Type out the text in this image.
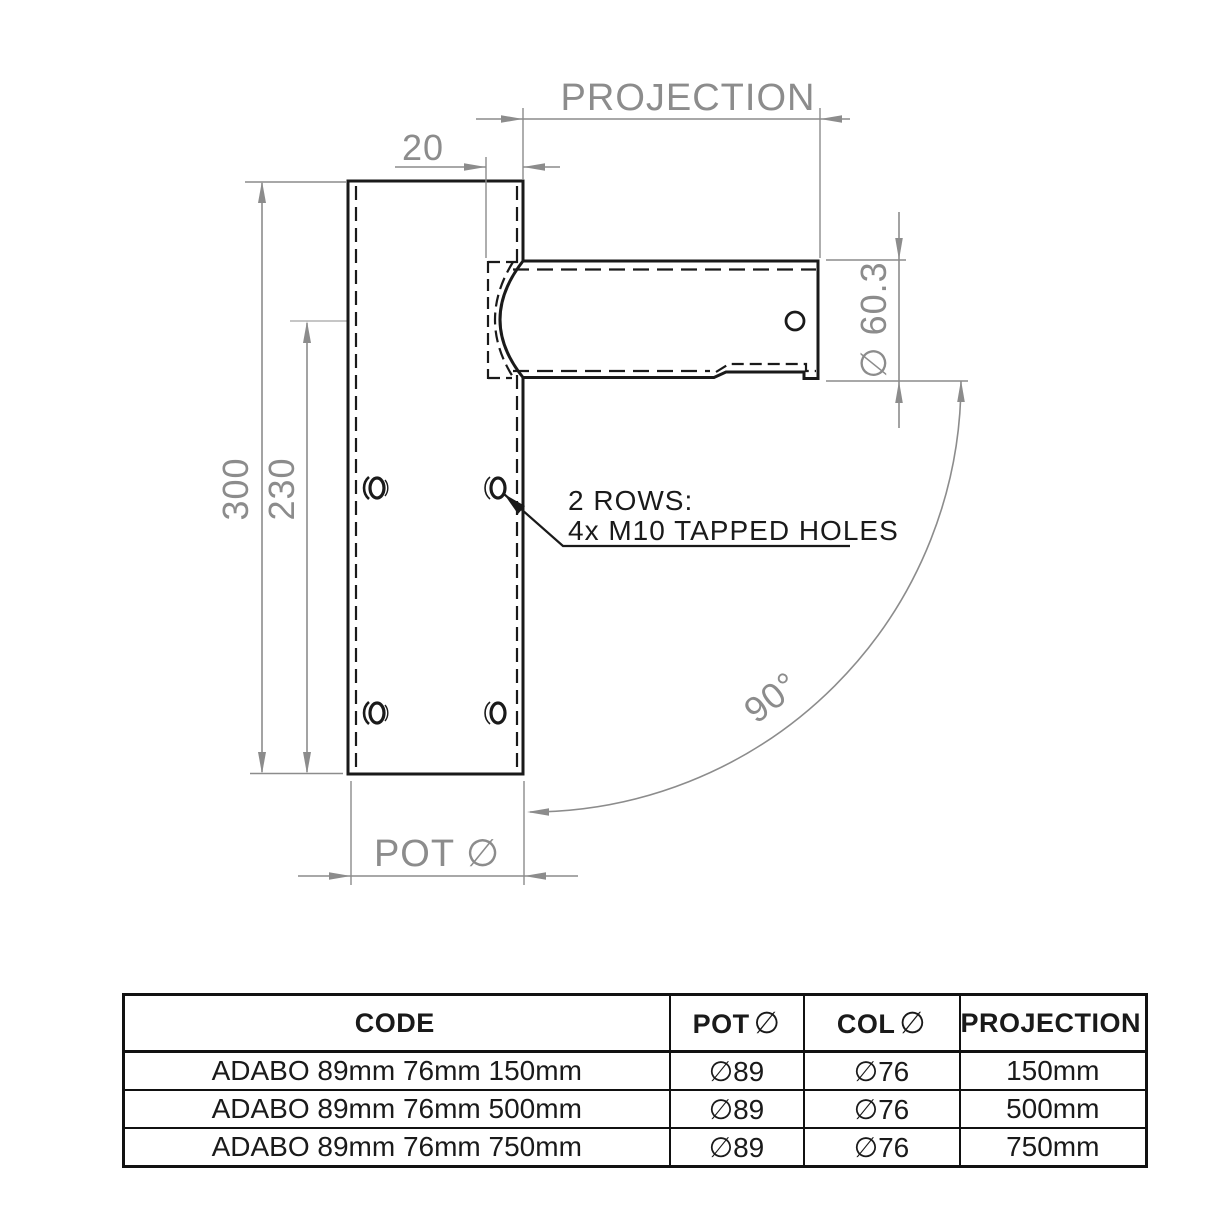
PROJECTION
20
300 230
∅ 60.3
90°
POT ∅
2 ROWS:
4x M10 TAPPED HOLES
CODE	POT ∅	COL ∅	PROJECTION
ADABO 89mm 76mm 150mm	∅89	∅76	150mm
ADABO 89mm 76mm 500mm	∅89	∅76	500mm
ADABO 89mm 76mm 750mm	∅89	∅76	750mm
